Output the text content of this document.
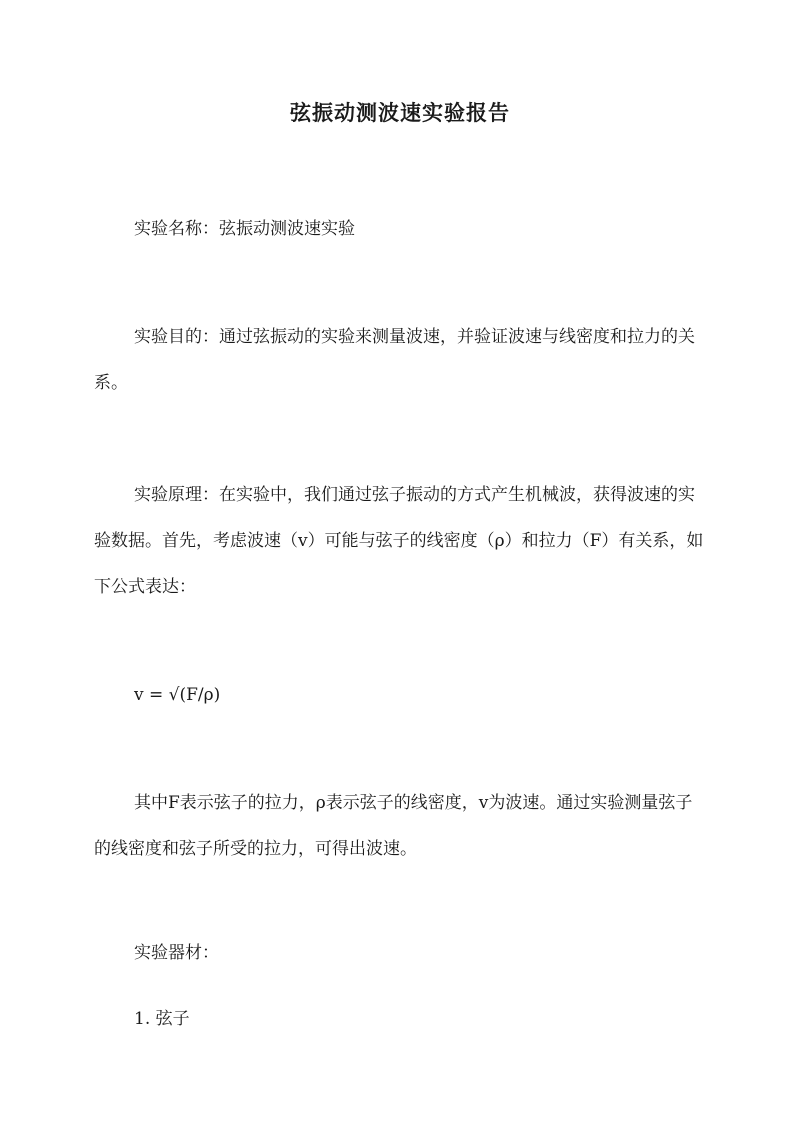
弦振动测波速实验报告

实验名称：弦振动测波速实验

实验目的：通过弦振动的实验来测量波速，并验证波速与线密度和拉力的关系。

实验原理：在实验中，我们通过弦子振动的方式产生机械波，获得波速的实验数据。首先，考虑波速（v）可能与弦子的线密度（ρ）和拉力（F）有关系，如下公式表达：

v = √(F/ρ)

其中F表示弦子的拉力，ρ表示弦子的线密度，v为波速。通过实验测量弦子的线密度和弦子所受的拉力，可得出波速。

实验器材：

1. 弦子
